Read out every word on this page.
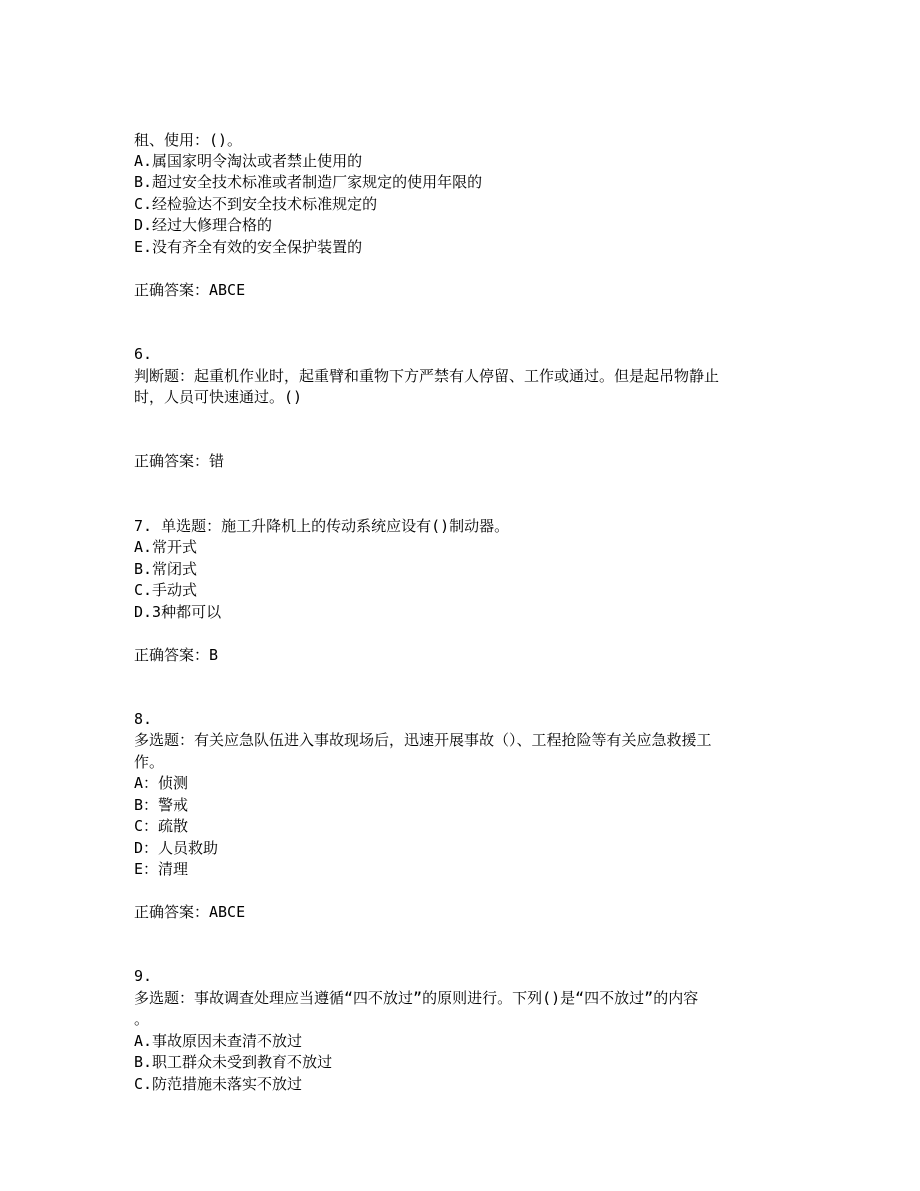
租、使用：()。
A.属国家明令淘汰或者禁止使用的
B.超过安全技术标准或者制造厂家规定的使用年限的
C.经检验达不到安全技术标准规定的
D.经过大修理合格的
E.没有齐全有效的安全保护装置的
正确答案：ABCE
6.
判断题：起重机作业时，起重臂和重物下方严禁有人停留、工作或通过。但是起吊物静止
时，人员可快速通过。()
正确答案：错
7. 单选题：施工升降机上的传动系统应设有()制动器。
A.常开式
B.常闭式
C.手动式
D.3种都可以
正确答案：B
8.
多选题：有关应急队伍进入事故现场后，迅速开展事故（）、工程抢险等有关应急救援工
作。
A：侦测
B：警戒
C：疏散
D：人员救助
E：清理
正确答案：ABCE
9.
多选题：事故调查处理应当遵循“四不放过”的原则进行。下列()是“四不放过”的内容
。
A.事故原因未查清不放过
B.职工群众未受到教育不放过
C.防范措施未落实不放过
